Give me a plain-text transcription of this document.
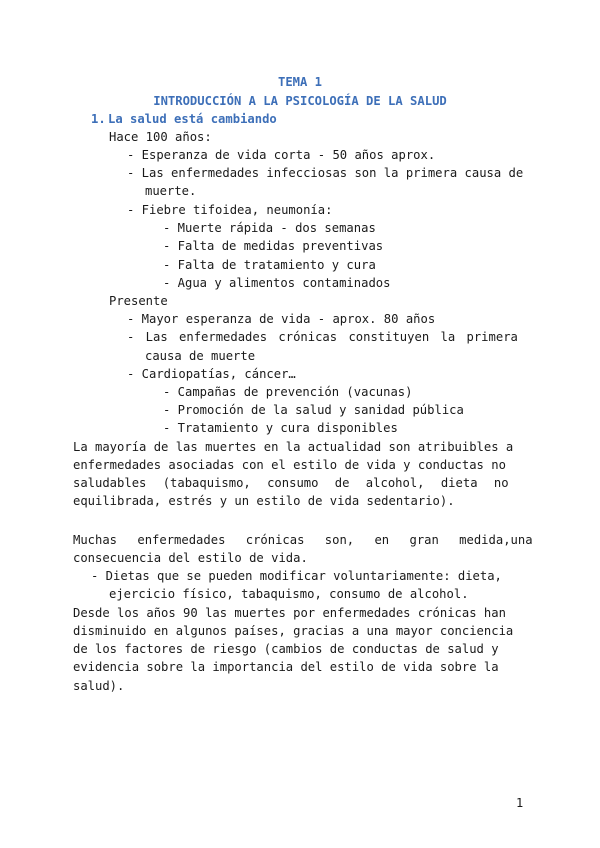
TEMA 1
INTRODUCCIÓN A LA PSICOLOGÍA DE LA SALUD
1. La salud está cambiando
Hace 100 años:
- Esperanza de vida corta - 50 años aprox.
- Las enfermedades infecciosas son la primera causa de
muerte.
- Fiebre tifoidea, neumonía:
- Muerte rápida - dos semanas
- Falta de medidas preventivas
- Falta de tratamiento y cura
- Agua y alimentos contaminados
Presente
- Mayor esperanza de vida - aprox. 80 años
- Las enfermedades crónicas constituyen la primera
causa de muerte
- Cardiopatías, cáncer…
- Campañas de prevención (vacunas)
- Promoción de la salud y sanidad pública
- Tratamiento y cura disponibles
La mayoría de las muertes en la actualidad son atribuibles a
enfermedades asociadas con el estilo de vida y conductas no
saludables (tabaquismo, consumo de alcohol, dieta no
equilibrada, estrés y un estilo de vida sedentario).
Muchas enfermedades crónicas son, en gran medida,una
consecuencia del estilo de vida.
- Dietas que se pueden modificar voluntariamente: dieta,
ejercicio físico, tabaquismo, consumo de alcohol.
Desde los años 90 las muertes por enfermedades crónicas han
disminuido en algunos países, gracias a una mayor conciencia
de los factores de riesgo (cambios de conductas de salud y
evidencia sobre la importancia del estilo de vida sobre la
salud).
1
